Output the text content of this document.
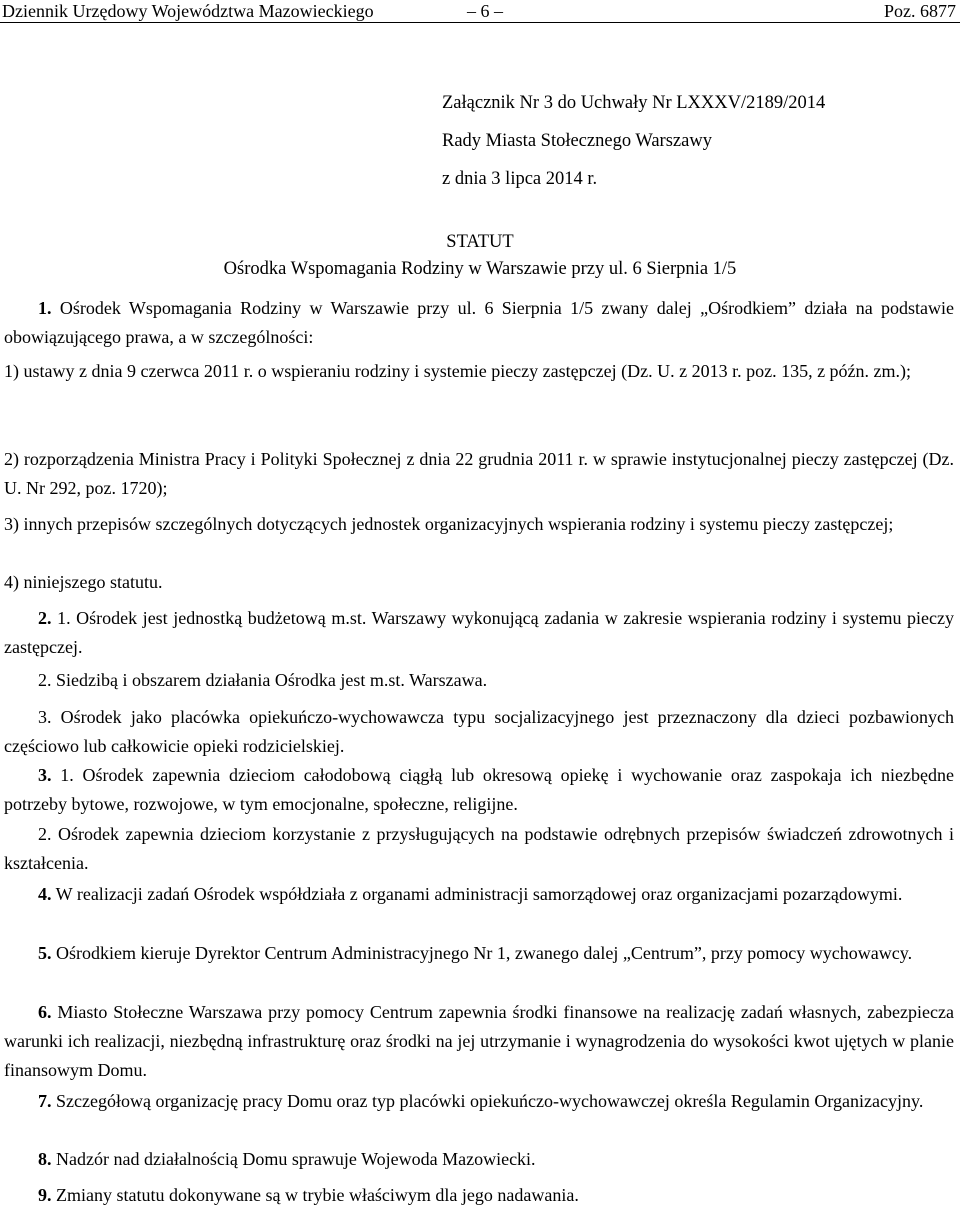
Dziennik Urzędowy Województwa Mazowieckiego	– 6 –	Poz. 6877
Załącznik Nr 3 do Uchwały Nr LXXXV/2189/2014
Rady Miasta Stołecznego Warszawy
z dnia 3 lipca 2014 r.
STATUT
Ośrodka Wspomagania Rodziny w Warszawie przy ul. 6 Sierpnia 1/5
1. Ośrodek Wspomagania Rodziny w Warszawie przy ul. 6 Sierpnia 1/5 zwany dalej „Ośrodkiem” działa na podstawie obowiązującego prawa, a w szczególności:
1) ustawy z dnia 9 czerwca 2011 r. o wspieraniu rodziny i systemie pieczy zastępczej (Dz. U. z 2013 r. poz. 135, z późn. zm.);
2) rozporządzenia Ministra Pracy i Polityki Społecznej z dnia 22 grudnia 2011 r. w sprawie instytucjonalnej pieczy zastępczej (Dz. U. Nr 292, poz. 1720);
3) innych przepisów szczególnych dotyczących jednostek organizacyjnych wspierania rodziny i systemu pieczy zastępczej;
4) niniejszego statutu.
2. 1. Ośrodek jest jednostką budżetową m.st. Warszawy wykonującą zadania w zakresie wspierania rodziny i systemu pieczy zastępczej.
2. Siedzibą i obszarem działania Ośrodka jest m.st. Warszawa.
3. Ośrodek jako placówka opiekuńczo-wychowawcza typu socjalizacyjnego jest przeznaczony dla dzieci pozbawionych częściowo lub całkowicie opieki rodzicielskiej.
3. 1. Ośrodek zapewnia dzieciom całodobową ciągłą lub okresową opiekę i wychowanie oraz zaspokaja ich niezbędne potrzeby bytowe, rozwojowe, w tym emocjonalne, społeczne, religijne.
2. Ośrodek zapewnia dzieciom korzystanie z przysługujących na podstawie odrębnych przepisów świadczeń zdrowotnych i kształcenia.
4. W realizacji zadań Ośrodek współdziała z organami administracji samorządowej oraz organizacjami pozarządowymi.
5. Ośrodkiem kieruje Dyrektor Centrum Administracyjnego Nr 1, zwanego dalej „Centrum”, przy pomocy wychowawcy.
6. Miasto Stołeczne Warszawa przy pomocy Centrum zapewnia środki finansowe na realizację zadań własnych, zabezpiecza warunki ich realizacji, niezbędną infrastrukturę oraz środki na jej utrzymanie i wynagrodzenia do wysokości kwot ujętych w planie finansowym Domu.
7. Szczegółową organizację pracy Domu oraz typ placówki opiekuńczo-wychowawczej określa Regulamin Organizacyjny.
8. Nadzór nad działalnością Domu sprawuje Wojewoda Mazowiecki.
9. Zmiany statutu dokonywane są w trybie właściwym dla jego nadawania.
